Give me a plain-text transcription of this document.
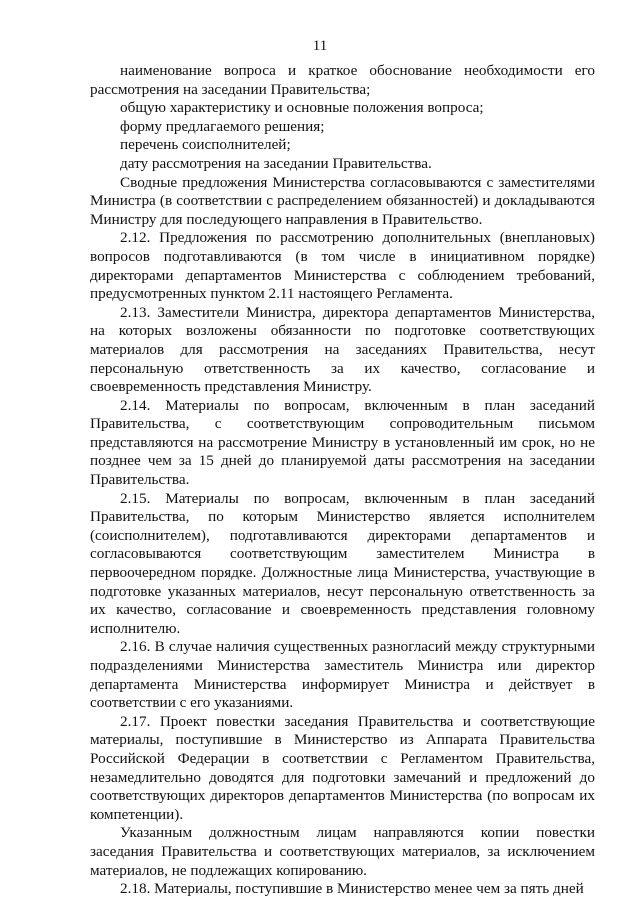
11

наименование вопроса и краткое обоснование необходимости его рассмотрения на заседании Правительства;

общую характеристику и основные положения вопроса;

форму предлагаемого решения;

перечень соисполнителей;

дату рассмотрения на заседании Правительства.

Сводные предложения Министерства согласовываются с заместителями Министра (в соответствии с распределением обязанностей) и докладываются Министру для последующего направления в Правительство.

2.12. Предложения по рассмотрению дополнительных (внеплановых) вопросов подготавливаются (в том числе в инициативном порядке) директорами департаментов Министерства с соблюдением требований, предусмотренных пунктом 2.11 настоящего Регламента.

2.13. Заместители Министра, директора департаментов Министерства, на которых возложены обязанности по подготовке соответствующих материалов для рассмотрения на заседаниях Правительства, несут персональную ответственность за их качество, согласование и своевременность представления Министру.

2.14. Материалы по вопросам, включенным в план заседаний Правительства, с соответствующим сопроводительным письмом представляются на рассмотрение Министру в установленный им срок, но не позднее чем за 15 дней до планируемой даты рассмотрения на заседании Правительства.

2.15. Материалы по вопросам, включенным в план заседаний Правительства, по которым Министерство является исполнителем (соисполнителем), подготавливаются директорами департаментов и согласовываются соответствующим заместителем Министра в первоочередном порядке. Должностные лица Министерства, участвующие в подготовке указанных материалов, несут персональную ответственность за их качество, согласование и своевременность представления головному исполнителю.

2.16. В случае наличия существенных разногласий между структурными подразделениями Министерства заместитель Министра или директор департамента Министерства информирует Министра и действует в соответствии с его указаниями.

2.17. Проект повестки заседания Правительства и соответствующие материалы, поступившие в Министерство из Аппарата Правительства Российской Федерации в соответствии с Регламентом Правительства, незамедлительно доводятся для подготовки замечаний и предложений до соответствующих директоров департаментов Министерства (по вопросам их компетенции).

Указанным должностным лицам направляются копии повестки заседания Правительства и соответствующих материалов, за исключением материалов, не подлежащих копированию.

2.18. Материалы, поступившие в Министерство менее чем за пять дней
